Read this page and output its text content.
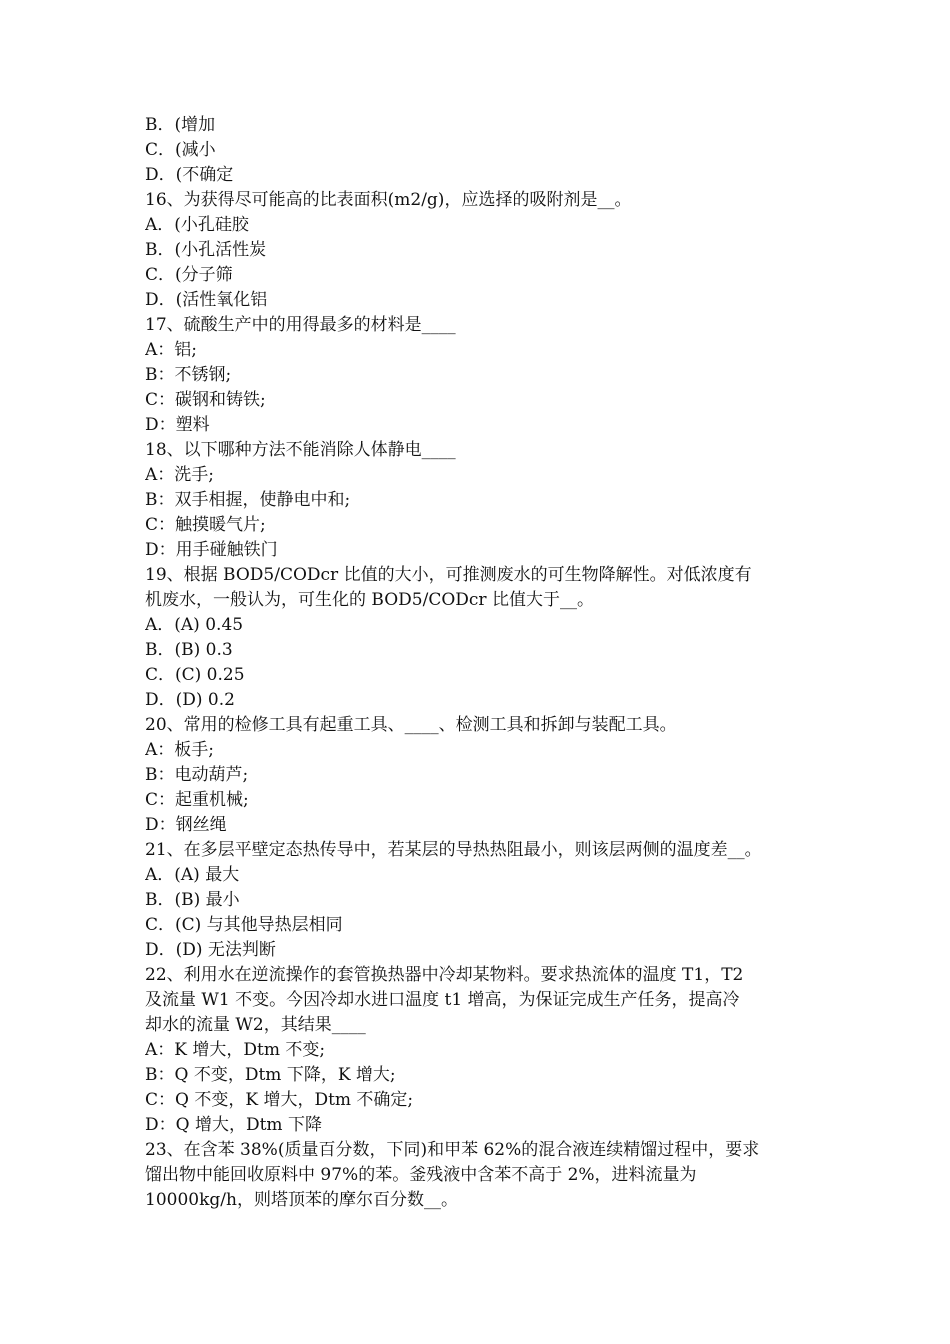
B．(增加
C．(减小
D．(不确定
16、为获得尽可能高的比表面积(m2/g)，应选择的吸附剂是__。
A．(小孔硅胶
B．(小孔活性炭
C．(分子筛
D．(活性氧化铝
17、硫酸生产中的用得最多的材料是____
A：铝;
B：不锈钢;
C：碳钢和铸铁;
D：塑料
18、以下哪种方法不能消除人体静电____
A：洗手;
B：双手相握，使静电中和;
C：触摸暖气片;
D：用手碰触铁门
19、根据 BOD5/CODcr 比值的大小，可推测废水的可生物降解性。对低浓度有
机废水，一般认为，可生化的 BOD5/CODcr 比值大于__。
A．(A) 0.45
B．(B) 0.3
C．(C) 0.25
D．(D) 0.2
20、常用的检修工具有起重工具、____、检测工具和拆卸与装配工具。
A：板手;
B：电动葫芦;
C：起重机械;
D：钢丝绳
21、在多层平壁定态热传导中，若某层的导热热阻最小，则该层两侧的温度差__。
A．(A) 最大
B．(B) 最小
C．(C) 与其他导热层相同
D．(D) 无法判断
22、利用水在逆流操作的套管换热器中冷却某物料。要求热流体的温度 T1，T2
及流量 W1 不变。今因冷却水进口温度 t1 增高，为保证完成生产任务，提高冷
却水的流量 W2，其结果____
A：K 增大，Dtm 不变;
B：Q 不变，Dtm 下降，K 增大;
C：Q 不变，K 增大，Dtm 不确定;
D：Q 增大，Dtm 下降
23、在含苯 38%(质量百分数，下同)和甲苯 62%的混合液连续精馏过程中，要求
馏出物中能回收原料中 97%的苯。釜残液中含苯不高于 2%，进料流量为
10000kg/h，则塔顶苯的摩尔百分数__。
